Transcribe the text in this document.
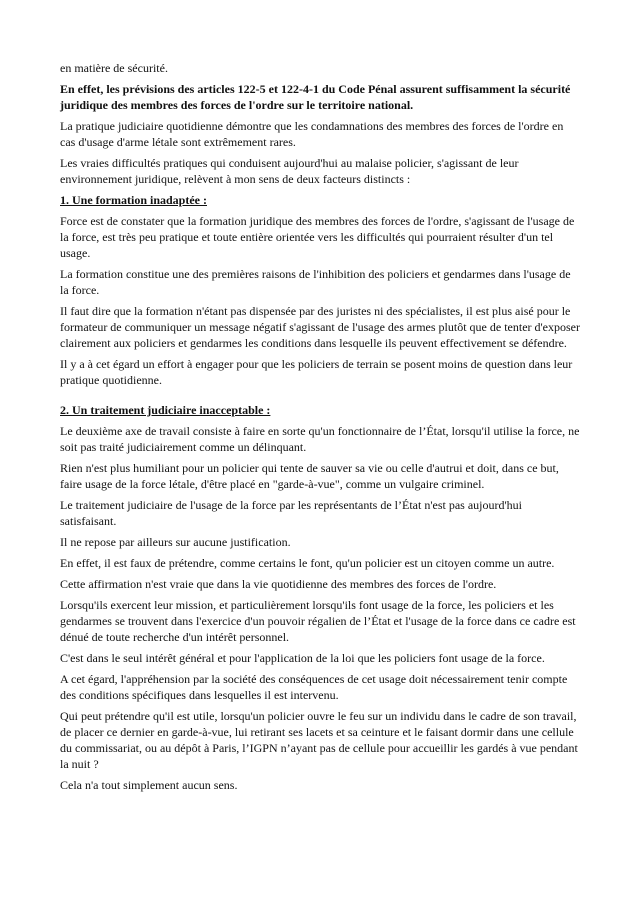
en matière de sécurité.

En effet, les prévisions des articles 122-5 et 122-4-1 du Code Pénal assurent suffisamment la sécurité juridique des membres des forces de l'ordre sur le territoire national.

La pratique judiciaire quotidienne démontre que les condamnations des membres des forces de l'ordre en cas d'usage d'arme létale sont extrêmement rares.

Les vraies difficultés pratiques qui conduisent aujourd'hui au malaise policier, s'agissant de leur environnement juridique, relèvent à mon sens de deux facteurs distincts :

1. Une formation inadaptée :

Force est de constater que la formation juridique des membres des forces de l'ordre, s'agissant de l'usage de la force, est très peu pratique et toute entière orientée vers les difficultés qui pourraient résulter d'un tel usage.

La formation constitue une des premières raisons de l'inhibition des policiers et gendarmes dans l'usage de la force.

Il faut dire que la formation n'étant pas dispensée par des juristes ni des spécialistes, il est plus aisé pour le formateur de communiquer un message négatif s'agissant de l'usage des armes plutôt que de tenter d'exposer clairement aux policiers et gendarmes les conditions dans lesquelle ils peuvent effectivement se défendre.

Il y a à cet égard un effort à engager pour que les policiers de terrain se posent moins de question dans leur pratique quotidienne.

2. Un traitement judiciaire inacceptable :

Le deuxième axe de travail consiste à faire en sorte qu'un fonctionnaire de l’État, lorsqu'il utilise la force, ne soit pas traité judiciairement comme un délinquant.

Rien n'est plus humiliant pour un policier qui tente de sauver sa vie ou celle d'autrui et doit, dans ce but, faire usage de la force létale, d'être placé en "garde-à-vue", comme un vulgaire criminel.

Le traitement judiciaire de l'usage de la force par les représentants de l’État n'est pas aujourd'hui satisfaisant.

Il ne repose par ailleurs sur aucune justification.

En effet, il est faux de prétendre, comme certains le font, qu'un policier est un citoyen comme un autre.

Cette affirmation n'est vraie que dans la vie quotidienne des membres des forces de l'ordre.

Lorsqu'ils exercent leur mission, et particulièrement lorsqu'ils font usage de la force, les policiers et les gendarmes se trouvent dans l'exercice d'un pouvoir régalien de l’État et l'usage de la force dans ce cadre est dénué de toute recherche d'un intérêt personnel.

C'est dans le seul intérêt général et pour l'application de la loi que les policiers font usage de la force.

A cet égard, l'appréhension par la société des conséquences de cet usage doit nécessairement tenir compte des conditions spécifiques dans lesquelles il est intervenu.

Qui peut prétendre qu'il est utile, lorsqu'un policier ouvre le feu sur un individu dans le cadre de son travail, de placer ce dernier en garde-à-vue, lui retirant ses lacets et sa ceinture et le faisant dormir dans une cellule du commissariat, ou au dépôt à Paris, l’IGPN n’ayant pas de cellule pour accueillir les gardés à vue pendant la nuit ?

Cela n'a tout simplement aucun sens.
